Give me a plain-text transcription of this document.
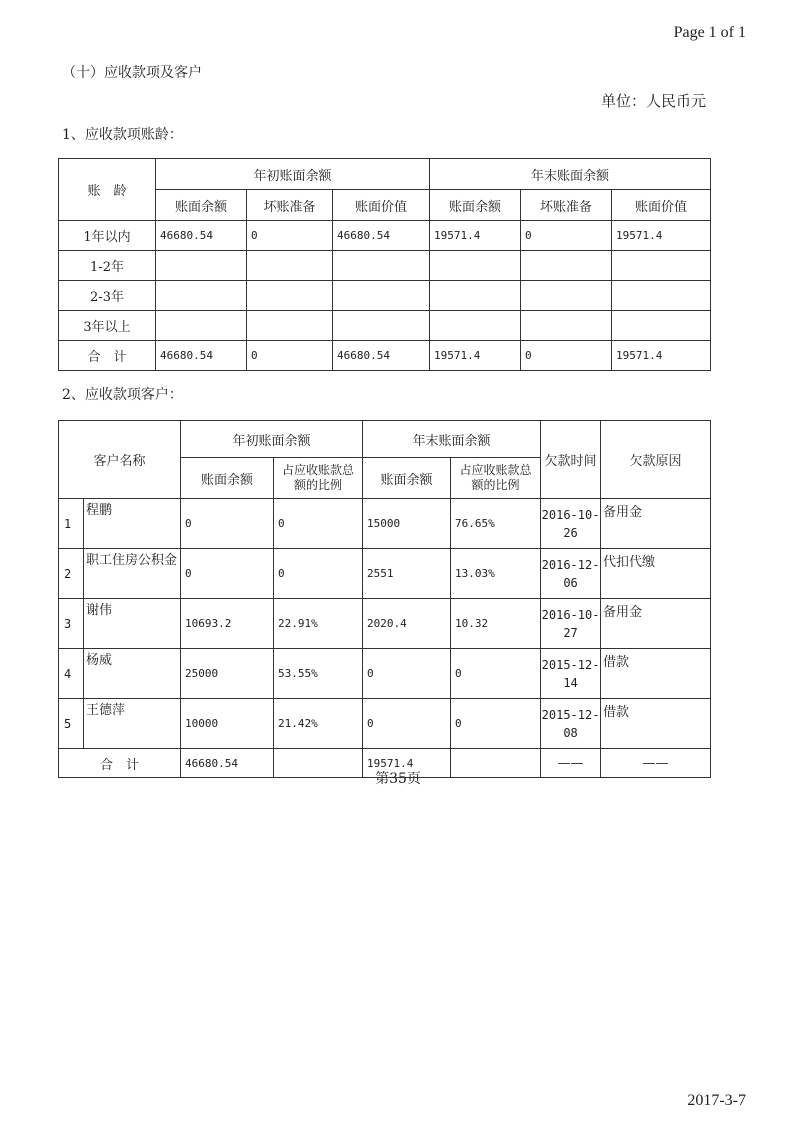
Page 1 of 1
（十）应收款项及客户
单位：人民币元
1、应收款项账龄：
账　龄	年初账面余额			年末账面余额		
	账面余额	坏账准备	账面价值	账面余额	坏账准备	账面价值
1年以内	46680.54	0	46680.54	19571.4	0	19571.4
1-2年						
2-3年						
3年以上						
合　计	46680.54	0	46680.54	19571.4	0	19571.4
2、应收款项客户：
客户名称		年初账面余额		年末账面余额		欠款时间	欠款原因
		账面余额	占应收账款总额的比例	账面余额	占应收账款总额的比例		
1	程鹏	0	0	15000	76.65%	2016-10-26	备用金
2	职工住房公积金	0	0	2551	13.03%	2016-12-06	代扣代缴
3	谢伟	10693.2	22.91%	2020.4	10.32	2016-10-27	备用金
4	杨威	25000	53.55%	0	0	2015-12-14	借款
5	王德萍	10000	21.42%	0	0	2015-12-08	借款
合　计		46680.54		19571.4		——	——
第35页
2017-3-7
